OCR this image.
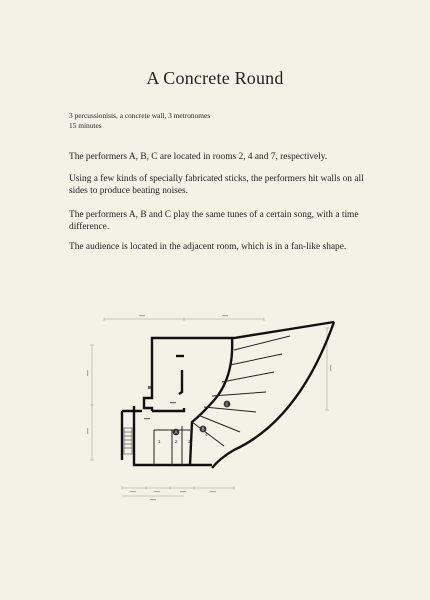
A Concrete Round
3 percussionists, a concrete wall, 3 metronomes
15 minutes

The performers A, B, C are located in rooms 2, 4 and 7, respectively.

Using a few kinds of specially fabricated sticks, the performers hit walls on all sides to produce beating noises.

The performers A, B and C play the same tunes of a certain song, with a time difference.

The audience is located in the adjacent room, which is in a fan-like shape.

1	2 3
4
A
B
C
